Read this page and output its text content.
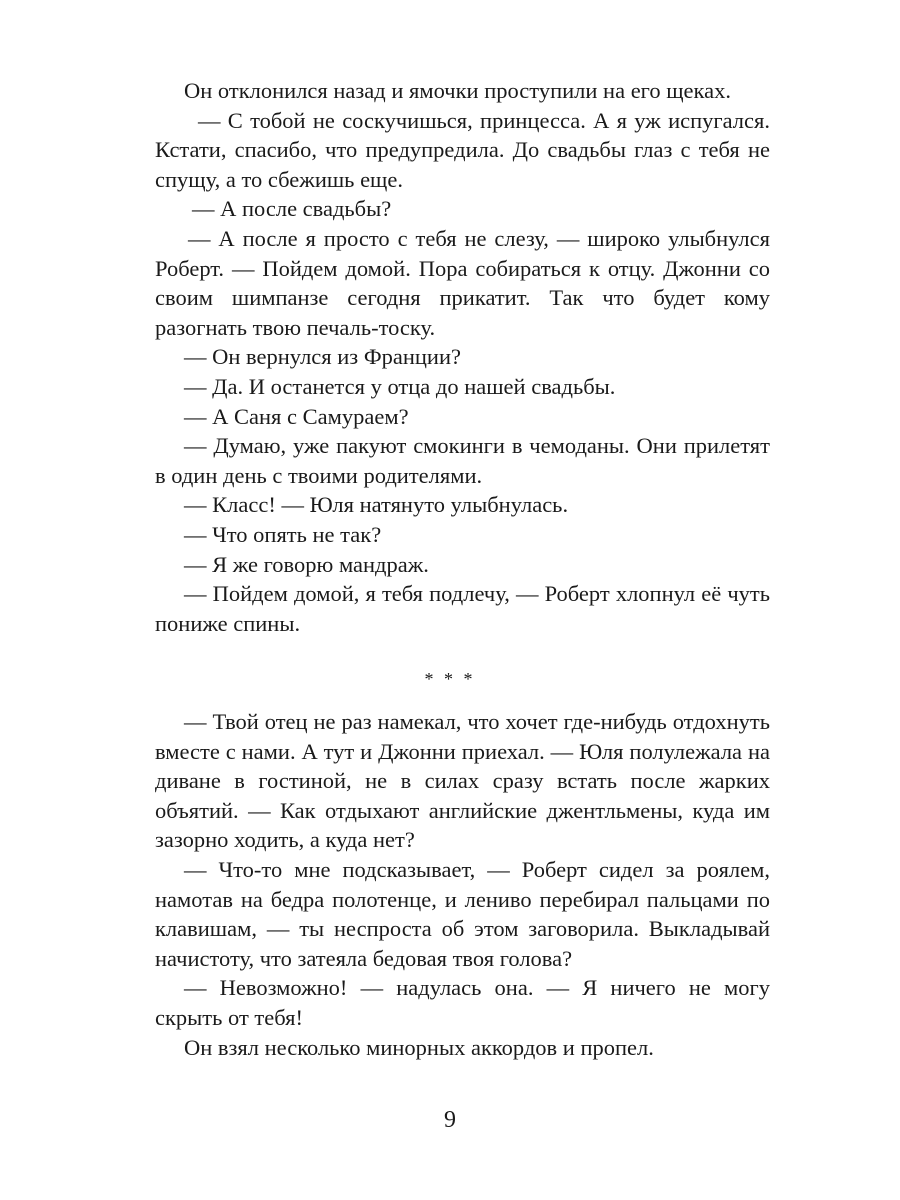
Он отклонился назад и ямочки проступили на его щеках.

— С тобой не соскучишься, принцесса. А я уж испугался. Кстати, спасибо, что предупредила. До свадьбы глаз с тебя не спущу, а то сбежишь еще.

— А после свадьбы?

— А после я просто с тебя не слезу, — широко улыбнулся Роберт. — Пойдем домой. Пора собираться к отцу. Джонни со своим шимпанзе сегодня прикатит. Так что будет кому разогнать твою печаль-тоску.

— Он вернулся из Франции?

— Да. И останется у отца до нашей свадьбы.

— А Саня с Самураем?

— Думаю, уже пакуют смокинги в чемоданы. Они прилетят в один день с твоими родителями.

— Класс! — Юля натянуто улыбнулась.

— Что опять не так?

— Я же говорю мандраж.

— Пойдем домой, я тебя подлечу, — Роберт хлопнул её чуть пониже спины.

* * *

— Твой отец не раз намекал, что хочет где-нибудь отдохнуть вместе с нами. А тут и Джонни приехал. — Юля полулежала на диване в гостиной, не в силах сразу встать после жарких объятий. — Как отдыхают английские джентльмены, куда им зазорно ходить, а куда нет?

— Что-то мне подсказывает, — Роберт сидел за роялем, намотав на бедра полотенце, и лениво перебирал пальцами по клавишам, — ты неспроста об этом заговорила. Выкладывай начистоту, что затеяла бедовая твоя голова?

— Невозможно! — надулась она. — Я ничего не могу скрыть от тебя!

Он взял несколько минорных аккордов и пропел.

9
